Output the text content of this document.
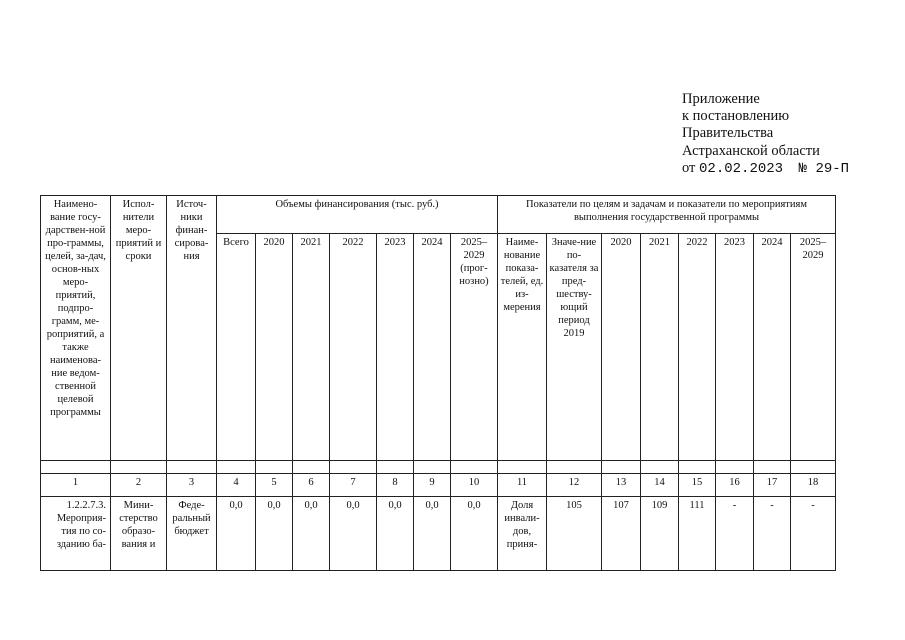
Приложение
к постановлению
Правительства
Астраханской области
от 02.02.2023 № 29-П
Наимено-вание госу-дарствен-ной про-граммы, целей, за-дач, основ-ных меро-приятий, подпро-грамм, ме-роприятий, а также наименова-ние ведом-ственной целевой программы	Испол-нители меро-приятий и сроки	Источ-ники финан-сирова-ния	Объемы финансирования (тыс. руб.)							Показатели по целям и задачам и показатели по мероприятиям выполнения государственной программы							
			Всего	2020	2021	2022	2023	2024	2025–2029 (прог-нозно)	Наиме-нование показа-телей, ед. из-мерения	Значе-ние по-казателя за пред-шеству-ющий период 2019	2020	2021	2022	2023	2024	2025–2029

1	2	3	4	5	6	7	8	9	10	11	12	13	14	15	16	17	18
1.2.2.7.3. Мероприя-тия по со-зданию ба-	Мини-стерство образо-вания и	Феде-ральный бюджет	0,0	0,0	0,0	0,0	0,0	0,0	0,0	Доля инвали-дов, приня-	105	107	109	111	-	-	-
